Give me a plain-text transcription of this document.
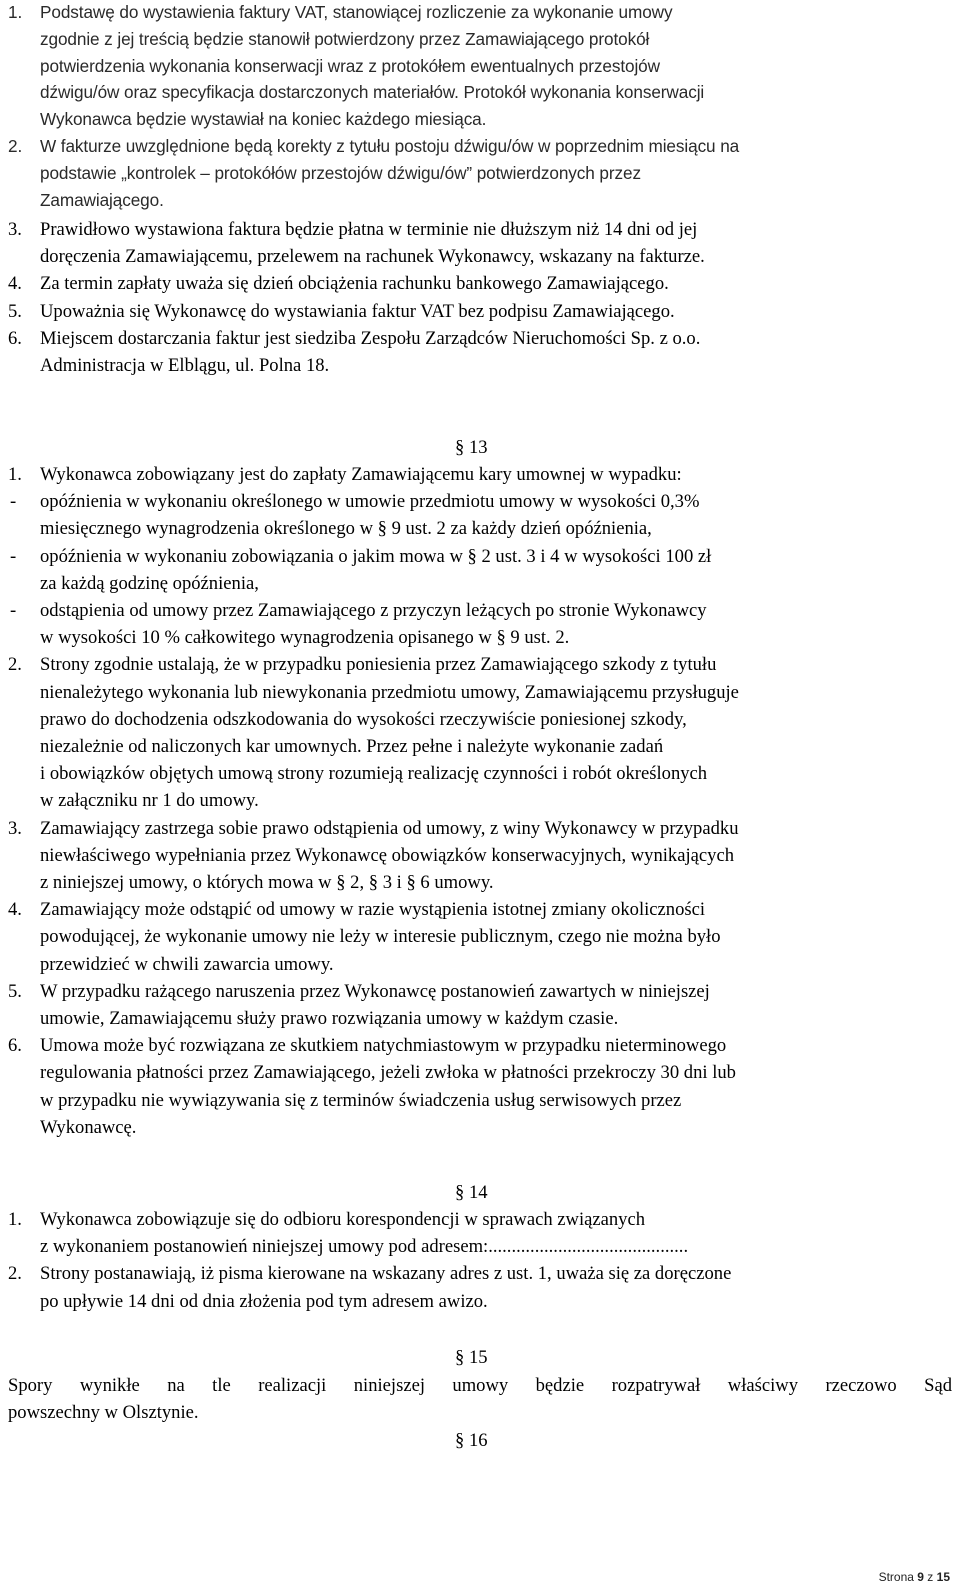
1. Podstawę do wystawienia faktury VAT, stanowiącej rozliczenie za wykonanie umowy
zgodnie z jej treścią będzie stanowił potwierdzony przez Zamawiającego protokół
potwierdzenia wykonania konserwacji wraz z protokółem ewentualnych przestojów
dźwigu/ów oraz specyfikacja dostarczonych materiałów. Protokół wykonania konserwacji
Wykonawca będzie wystawiał na koniec każdego miesiąca.
2. W fakturze uwzględnione będą korekty z tytułu postoju dźwigu/ów w poprzednim miesiącu na
podstawie „kontrolek – protokółów przestojów dźwigu/ów” potwierdzonych przez
Zamawiającego.
3. Prawidłowo wystawiona faktura będzie płatna w terminie nie dłuższym niż 14 dni od jej
doręczenia Zamawiającemu, przelewem na rachunek Wykonawcy, wskazany na fakturze.
4. Za termin zapłaty uważa się dzień obciążenia rachunku bankowego Zamawiającego.
5. Upoważnia się Wykonawcę do wystawiania faktur VAT bez podpisu Zamawiającego.
6. Miejscem dostarczania faktur jest siedziba Zespołu Zarządców Nieruchomości Sp. z o.o.
Administracja w Elblągu, ul. Polna 18.
§ 13
1. Wykonawca zobowiązany jest do zapłaty Zamawiającemu kary umownej w wypadku:
- opóźnienia w wykonaniu określonego w umowie przedmiotu umowy w wysokości 0,3%
miesięcznego wynagrodzenia określonego w § 9 ust. 2 za każdy dzień opóźnienia,
- opóźnienia w wykonaniu zobowiązania o jakim mowa w § 2 ust. 3 i 4 w wysokości 100 zł
za każdą godzinę opóźnienia,
- odstąpienia od umowy przez Zamawiającego z przyczyn leżących po stronie Wykonawcy
w wysokości 10 % całkowitego wynagrodzenia opisanego w § 9 ust. 2.
2. Strony zgodnie ustalają, że w przypadku poniesienia przez Zamawiającego szkody z tytułu
nienależytego wykonania lub niewykonania przedmiotu umowy, Zamawiającemu przysługuje
prawo do dochodzenia odszkodowania do wysokości rzeczywiście poniesionej szkody,
niezależnie od naliczonych kar umownych. Przez pełne i należyte wykonanie zadań
i obowiązków objętych umową strony rozumieją realizację czynności i robót określonych
w załączniku nr 1 do umowy.
3. Zamawiający zastrzega sobie prawo odstąpienia od umowy, z winy Wykonawcy w przypadku
niewłaściwego wypełniania przez Wykonawcę obowiązków konserwacyjnych, wynikających
z niniejszej umowy, o których mowa w § 2, § 3 i § 6 umowy.
4. Zamawiający może odstąpić od umowy w razie wystąpienia istotnej zmiany okoliczności
powodującej, że wykonanie umowy nie leży w interesie publicznym, czego nie można było
przewidzieć w chwili zawarcia umowy.
5. W przypadku rażącego naruszenia przez Wykonawcę postanowień zawartych w niniejszej
umowie, Zamawiającemu służy prawo rozwiązania umowy w każdym czasie.
6. Umowa może być rozwiązana ze skutkiem natychmiastowym w przypadku nieterminowego
regulowania płatności przez Zamawiającego, jeżeli zwłoka w płatności przekroczy 30 dni lub
w przypadku nie wywiązywania się z terminów świadczenia usług serwisowych przez
Wykonawcę.
§ 14
1. Wykonawca zobowiązuje się do odbioru korespondencji w sprawach związanych
z wykonaniem postanowień niniejszej umowy pod adresem:...........................................
2. Strony postanawiają, iż pisma kierowane na wskazany adres z ust. 1, uważa się za doręczone
po upływie 14 dni od dnia złożenia pod tym adresem awizo.
§ 15
Spory wynikłe na tle realizacji niniejszej umowy będzie rozpatrywał właściwy rzeczowo Sąd
powszechny w Olsztynie.
§ 16
Strona 9 z 15
